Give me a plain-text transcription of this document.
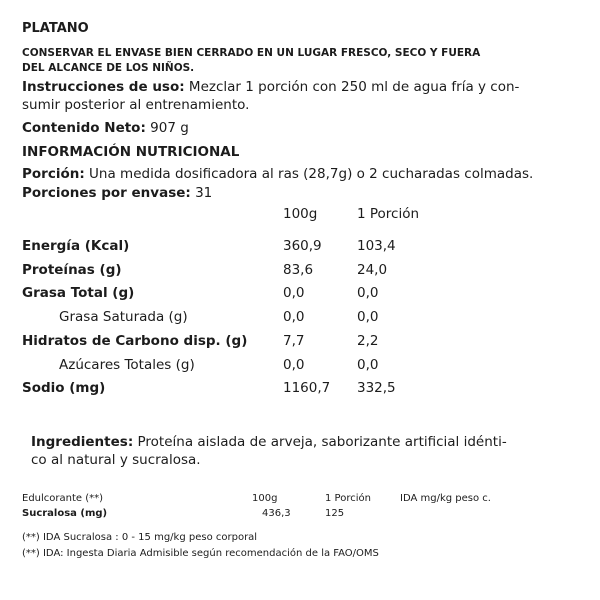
PLATANO
CONSERVAR EL ENVASE BIEN CERRADO EN UN LUGAR FRESCO, SECO Y FUERA
DEL ALCANCE DE LOS NIÑOS.
Instrucciones de uso: Mezclar 1 porción con 250 ml de agua fría y con-
sumir posterior al entrenamiento.
Contenido Neto: 907 g
INFORMACIÓN NUTRICIONAL
Porción: Una medida dosificadora al ras (28,7g) o 2 cucharadas colmadas.
Porciones por envase: 31
100g	1 Porción
Energía (Kcal)	360,9	103,4
Proteínas (g)	83,6	24,0
Grasa Total (g)	0,0	0,0
Grasa Saturada (g)	0,0	0,0
Hidratos de Carbono disp. (g)	7,7	2,2
Azúcares Totales (g)	0,0	0,0
Sodio (mg)	1160,7 332,5
Ingredientes: Proteína aislada de arveja, saborizante artificial idénti-
co al natural y sucralosa.
Edulcorante (**)	100g	1 Porción	IDA mg/kg peso c.
Sucralosa (mg)	436,3	125
(**) IDA Sucralosa : 0 - 15 mg/kg peso corporal
(**) IDA: Ingesta Diaria Admisible según recomendación de la FAO/OMS
